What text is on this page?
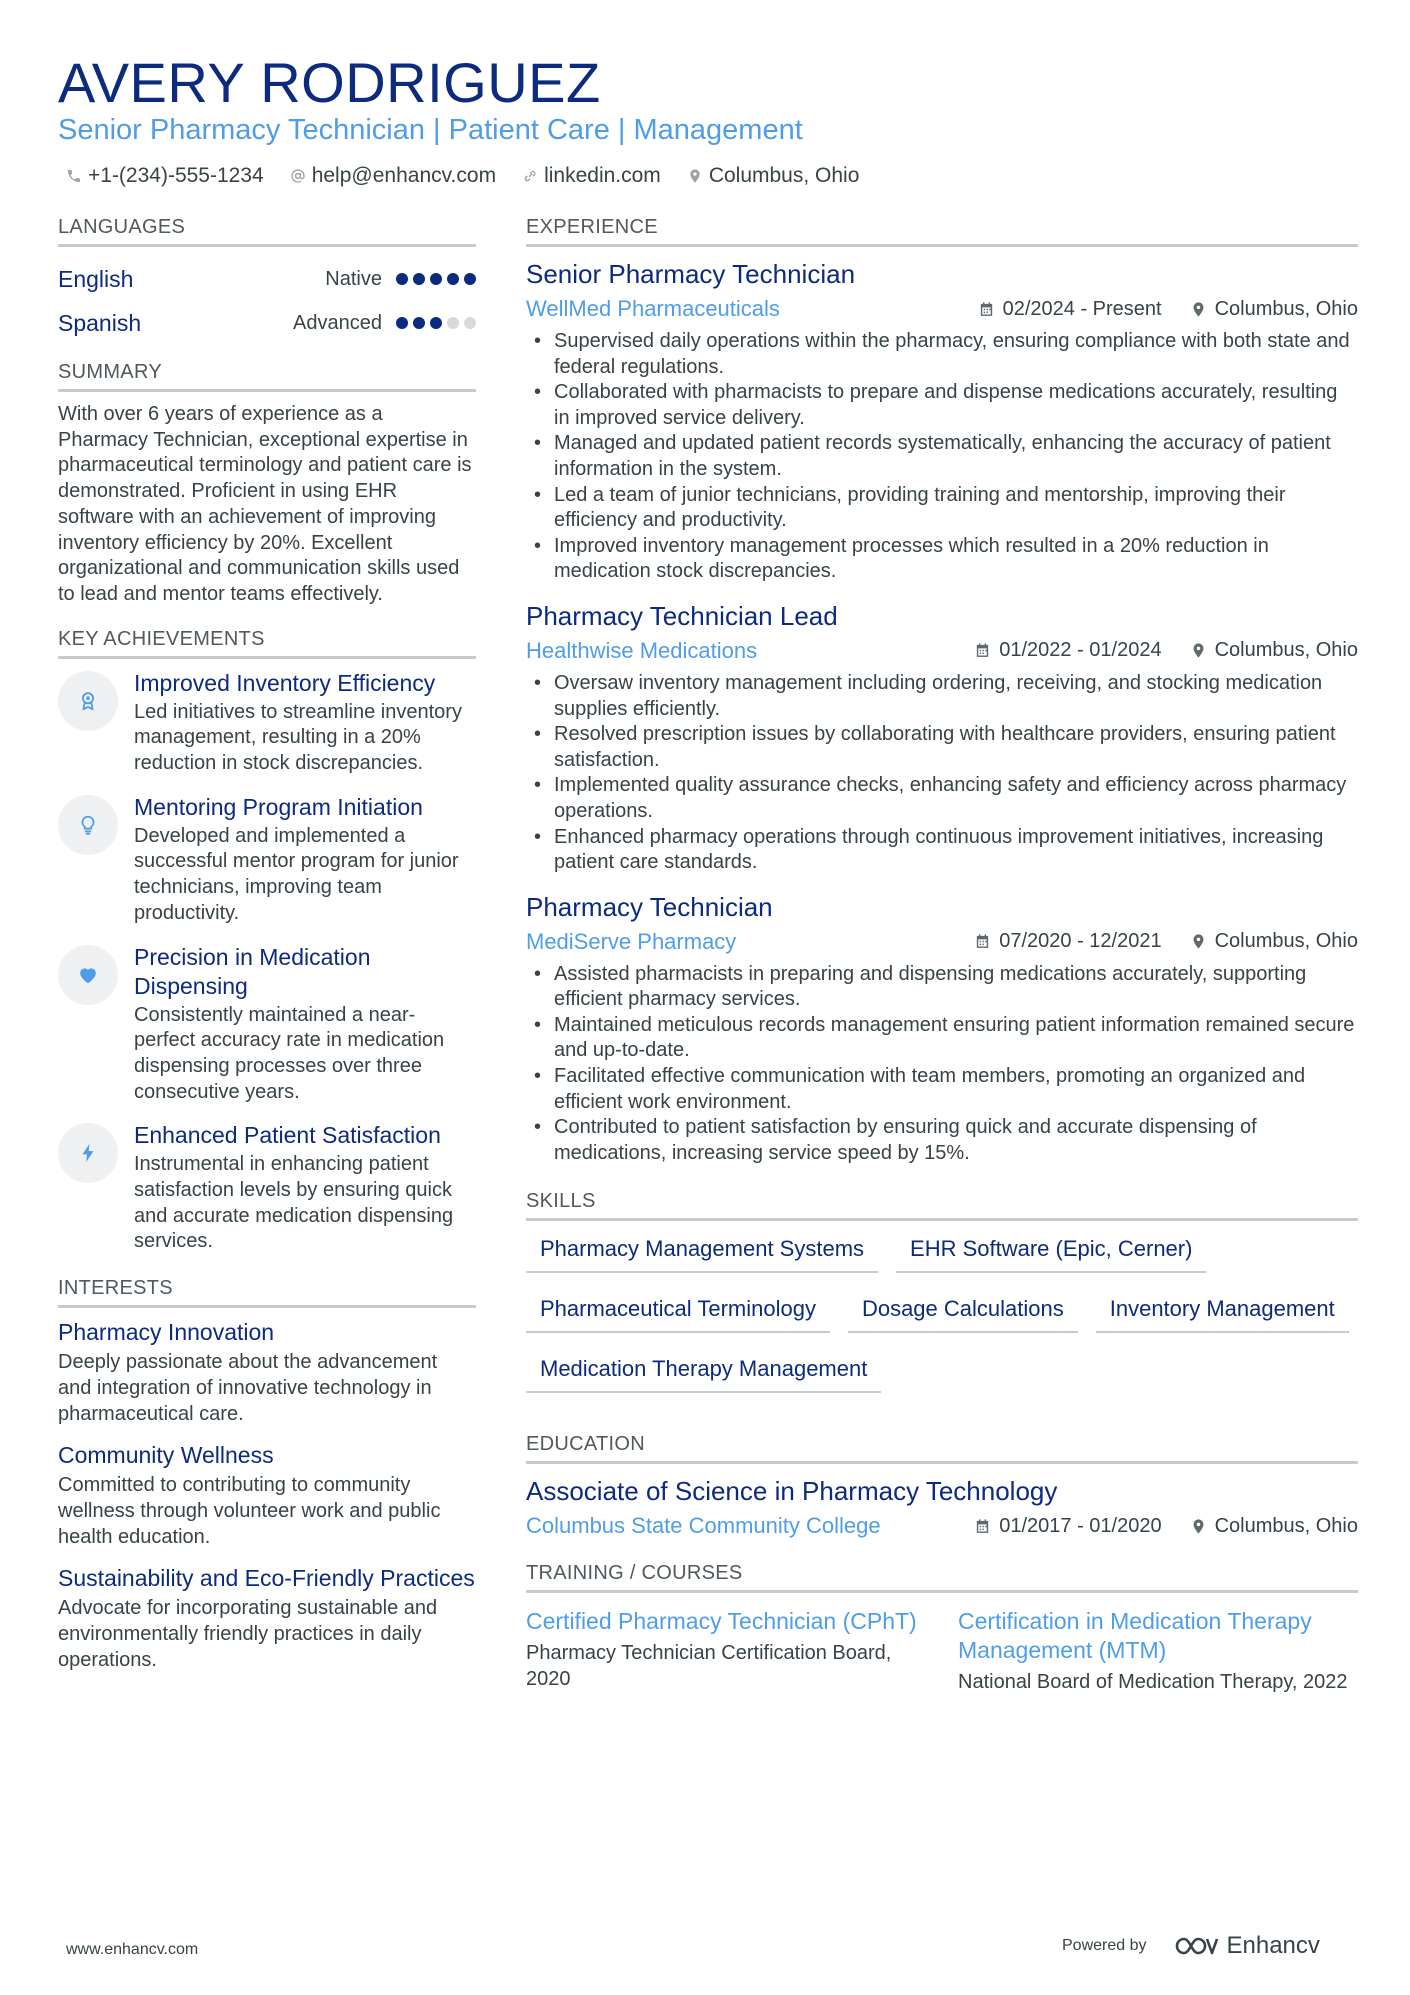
AVERY RODRIGUEZ
Senior Pharmacy Technician | Patient Care | Management
+1-(234)-555-1234 help@enhancv.com linkedin.com Columbus, Ohio
LANGUAGES
English	Native
Spanish	Advanced
SUMMARY
With over 6 years of experience as a Pharmacy Technician, exceptional expertise in pharmaceutical terminology and patient care is demonstrated. Proficient in using EHR software with an achievement of improving inventory efficiency by 20%. Excellent organizational and communication skills used to lead and mentor teams effectively.
KEY ACHIEVEMENTS
Improved Inventory Efficiency
Led initiatives to streamline inventory management, resulting in a 20% reduction in stock discrepancies.
Mentoring Program Initiation
Developed and implemented a successful mentor program for junior technicians, improving team productivity.
Precision in Medication Dispensing
Consistently maintained a near-perfect accuracy rate in medication dispensing processes over three consecutive years.
Enhanced Patient Satisfaction
Instrumental in enhancing patient satisfaction levels by ensuring quick and accurate medication dispensing services.
INTERESTS
Pharmacy Innovation
Deeply passionate about the advancement and integration of innovative technology in pharmaceutical care.
Community Wellness
Committed to contributing to community wellness through volunteer work and public health education.
Sustainability and Eco-Friendly Practices
Advocate for incorporating sustainable and environmentally friendly practices in daily operations.
EXPERIENCE
Senior Pharmacy Technician
WellMed Pharmaceuticals	02/2024 - Present	Columbus, Ohio
• Supervised daily operations within the pharmacy, ensuring compliance with both state and federal regulations.
• Collaborated with pharmacists to prepare and dispense medications accurately, resulting in improved service delivery.
• Managed and updated patient records systematically, enhancing the accuracy of patient information in the system.
• Led a team of junior technicians, providing training and mentorship, improving their efficiency and productivity.
• Improved inventory management processes which resulted in a 20% reduction in medication stock discrepancies.
Pharmacy Technician Lead
Healthwise Medications	01/2022 - 01/2024	Columbus, Ohio
• Oversaw inventory management including ordering, receiving, and stocking medication supplies efficiently.
• Resolved prescription issues by collaborating with healthcare providers, ensuring patient satisfaction.
• Implemented quality assurance checks, enhancing safety and efficiency across pharmacy operations.
• Enhanced pharmacy operations through continuous improvement initiatives, increasing patient care standards.
Pharmacy Technician
MediServe Pharmacy	07/2020 - 12/2021	Columbus, Ohio
• Assisted pharmacists in preparing and dispensing medications accurately, supporting efficient pharmacy services.
• Maintained meticulous records management ensuring patient information remained secure and up-to-date.
• Facilitated effective communication with team members, promoting an organized and efficient work environment.
• Contributed to patient satisfaction by ensuring quick and accurate dispensing of medications, increasing service speed by 15%.
SKILLS
Pharmacy Management Systems	EHR Software (Epic, Cerner)
Pharmaceutical Terminology	Dosage Calculations	Inventory Management
Medication Therapy Management
EDUCATION
Associate of Science in Pharmacy Technology
Columbus State Community College	01/2017 - 01/2020	Columbus, Ohio
TRAINING / COURSES
Certified Pharmacy Technician (CPhT)
Pharmacy Technician Certification Board, 2020
Certification in Medication Therapy Management (MTM)
National Board of Medication Therapy, 2022
www.enhancv.com	Powered by	Enhancv
